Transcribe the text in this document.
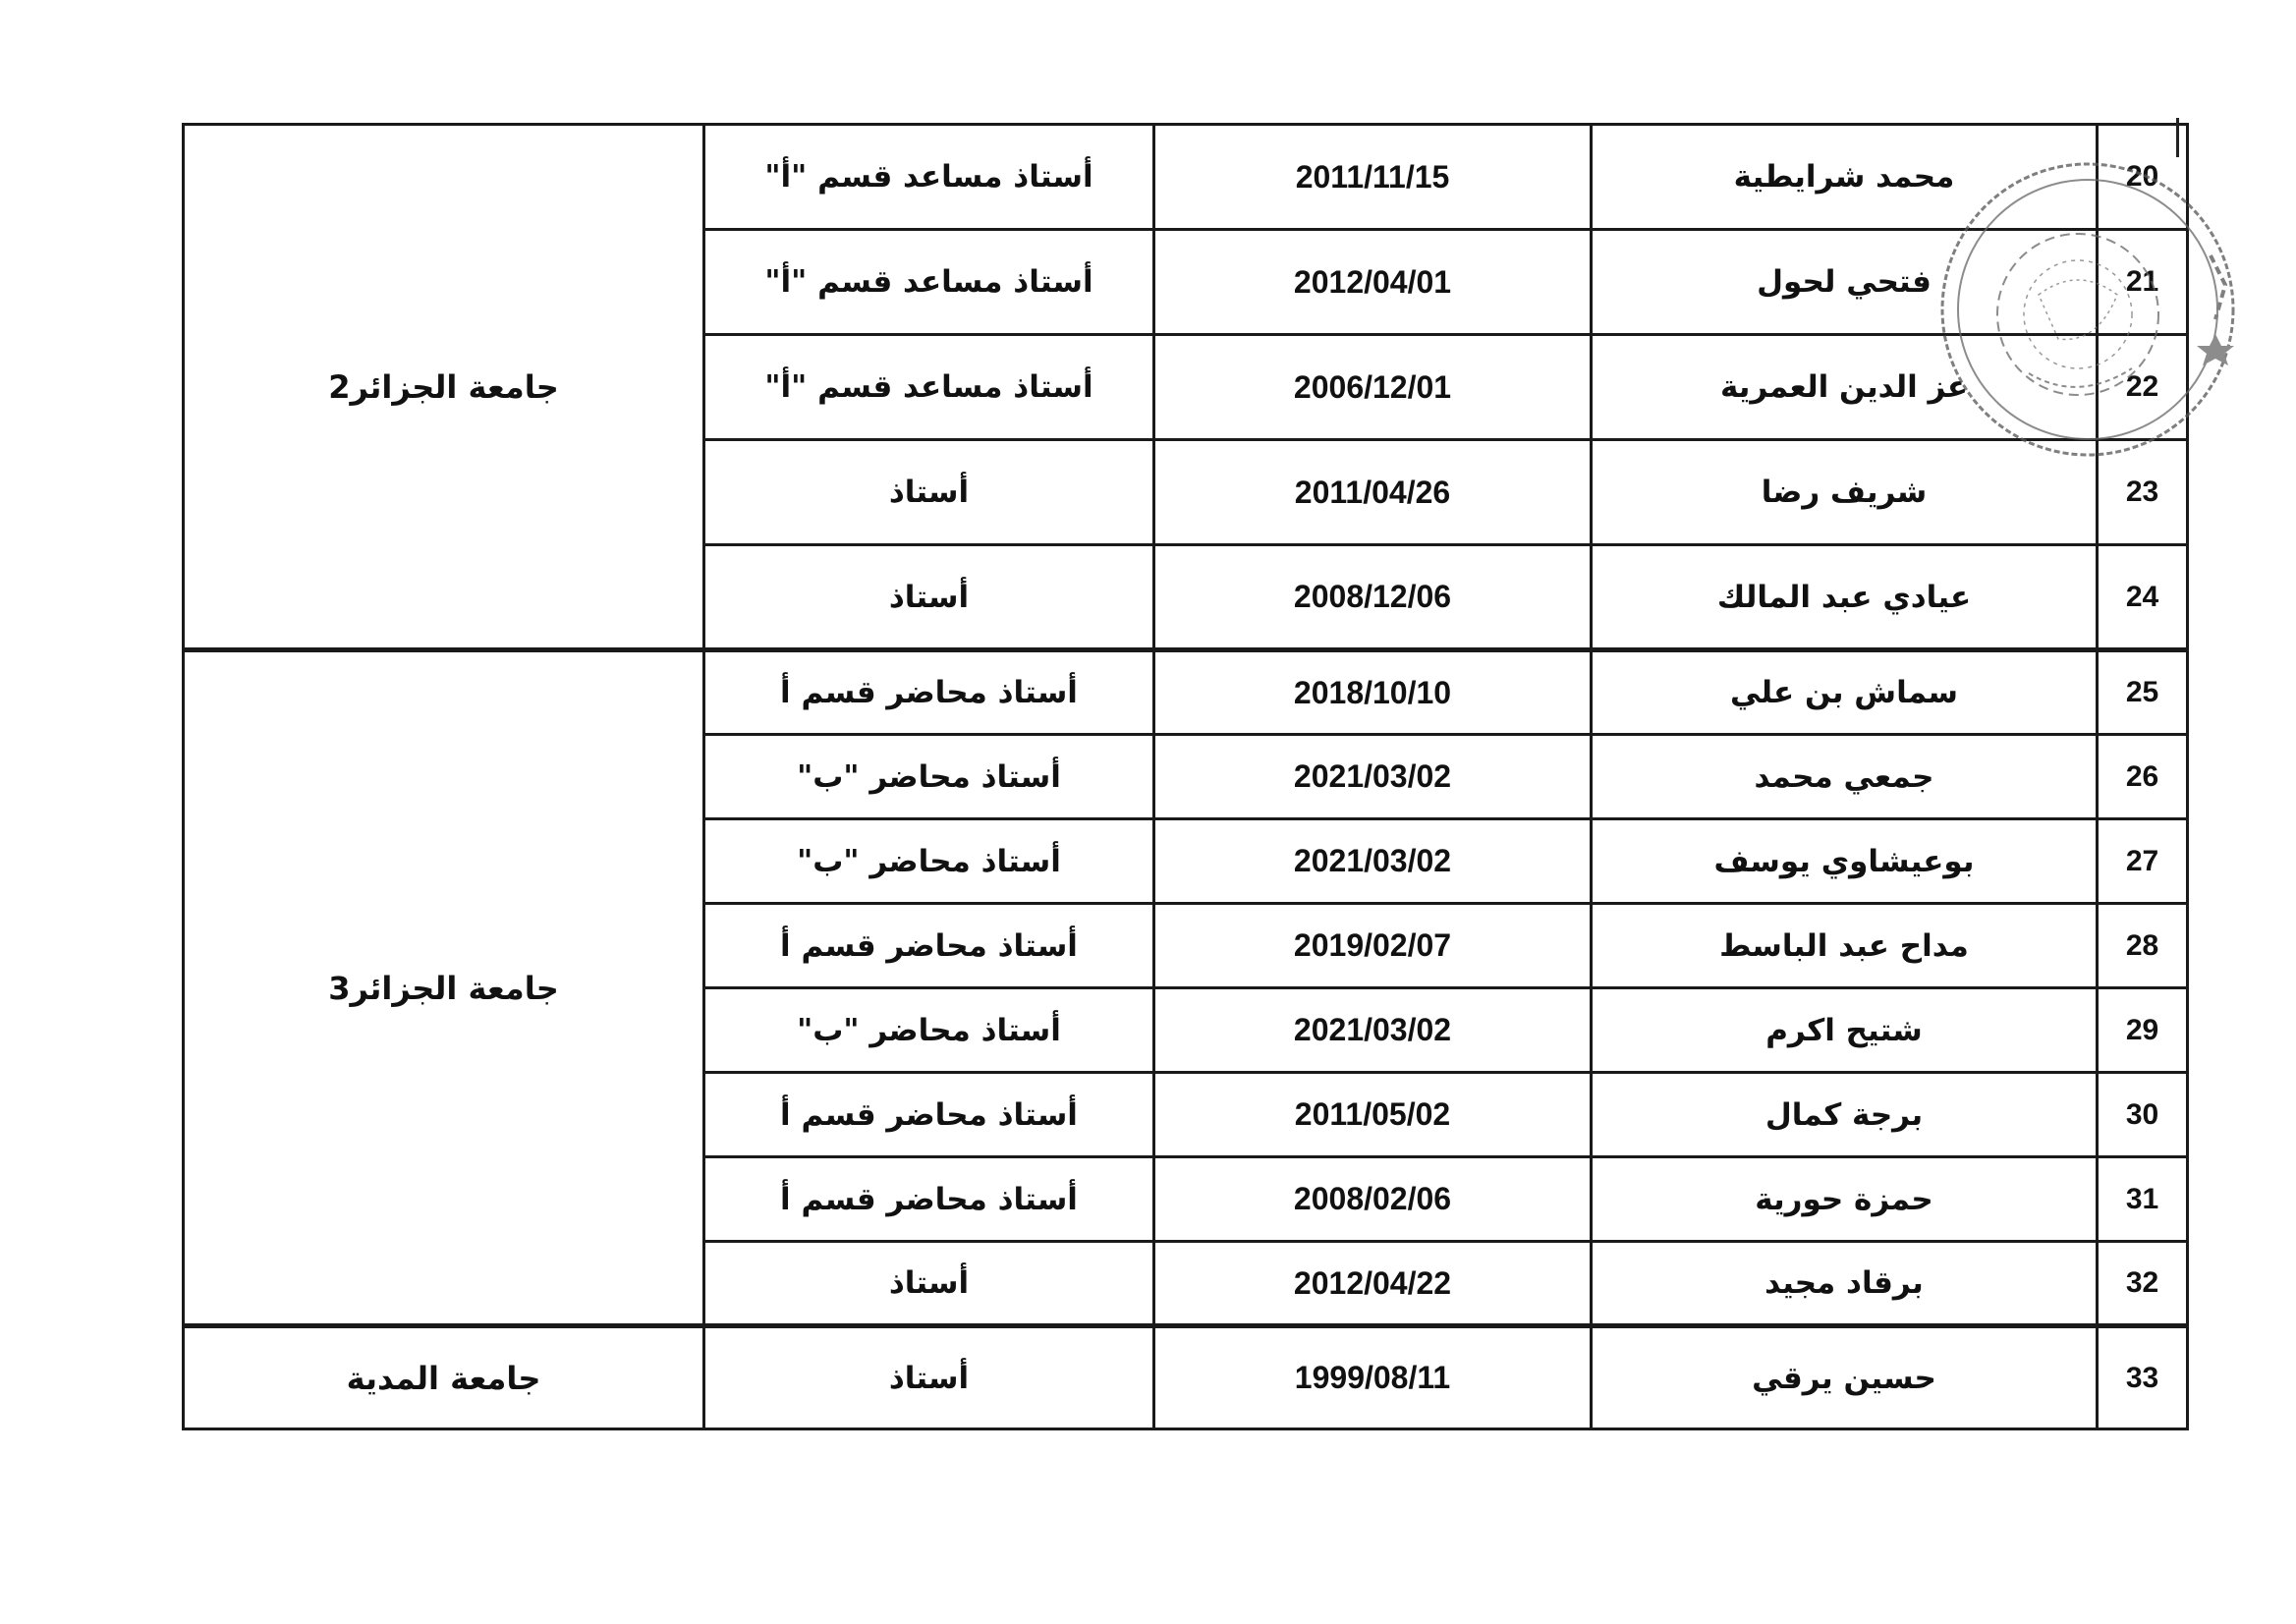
20	محمد شرايطية	2011/11/15	أستاذ مساعد قسم "أ"	جامعة الجزائر2
21	فتحي لحول	2012/04/01	أستاذ مساعد قسم "أ"	
22	عز الدين العمرية	2006/12/01	أستاذ مساعد قسم "أ"	
23	شريف رضا	2011/04/26	أستاذ	
24	عيادي عبد المالك	2008/12/06	أستاذ	
25	سماش بن علي	2018/10/10	أستاذ محاضر قسم أ	جامعة الجزائر3
26	جمعي محمد	2021/03/02	أستاذ محاضر "ب"	
27	بوعيشاوي يوسف	2021/03/02	أستاذ محاضر "ب"	
28	مداح عبد الباسط	2019/02/07	أستاذ محاضر قسم أ	
29	شتيح اكرم	2021/03/02	أستاذ محاضر "ب"	
30	برجة كمال	2011/05/02	أستاذ محاضر قسم أ	
31	حمزة حورية	2008/02/06	أستاذ محاضر قسم أ	
32	برقاد مجيد	2012/04/22	أستاذ	
33	حسين يرقي	1999/08/11	أستاذ	جامعة المدية
